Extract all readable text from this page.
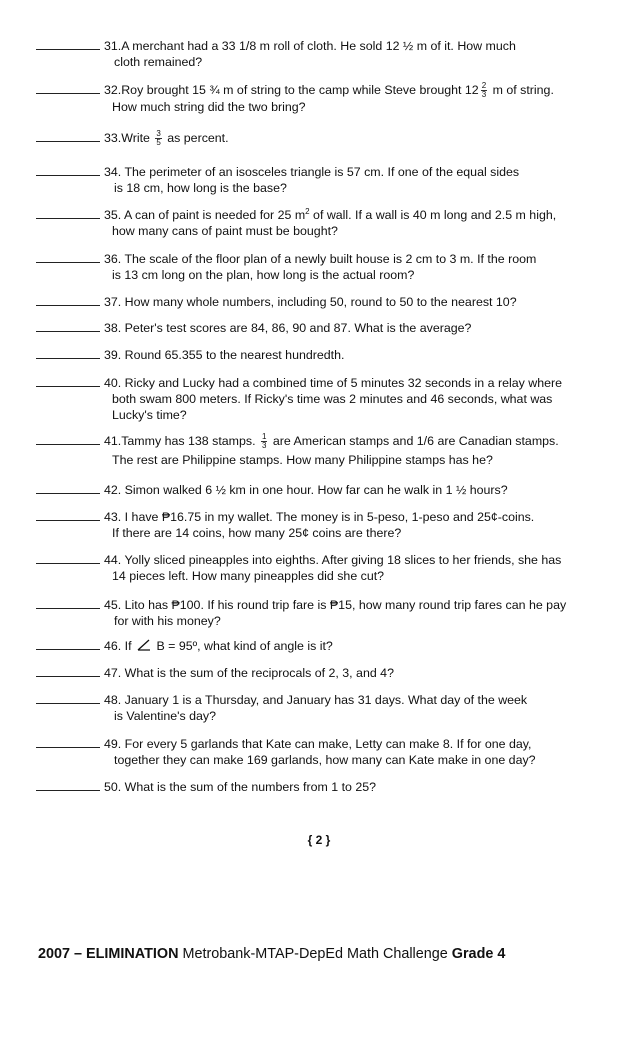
31.A merchant had a 33 1/8 m roll of cloth. He sold 12 ½ m of it. How much
cloth remained?
32.Roy brought 15 ¾ m of string to the camp while Steve brought $12 \frac{2}{3}$ m of string.
How much string did the two bring?
33.Write $\frac{3}{5}$ as percent.
34. The perimeter of an isosceles triangle is 57 cm. If one of the equal sides
is 18 cm, how long is the base?
35. A can of paint is needed for 25 $m^2$ of wall. If a wall is 40 m long and 2.5 m high,
how many cans of paint must be bought?
36. The scale of the floor plan of a newly built house is 2 cm to 3 m. If the room
is 13 cm long on the plan, how long is the actual room?
37. How many whole numbers, including 50, round to 50 to the nearest 10?
38. Peter's test scores are 84, 86, 90 and 87. What is the average?
39. Round 65.355 to the nearest hundredth.
40. Ricky and Lucky had a combined time of 5 minutes 32 seconds in a relay where
both swam 800 meters. If Ricky's time was 2 minutes and 46 seconds, what was
Lucky's time?
41.Tammy has 138 stamps. $\frac{1}{3}$ are American stamps and 1/6 are Canadian stamps.
The rest are Philippine stamps. How many Philippine stamps has he?
42. Simon walked 6 ½ km in one hour. How far can he walk in 1 ½ hours?
43. I have ₱16.75 in my wallet. The money is in 5-peso, 1-peso and 25¢-coins.
If there are 14 coins, how many 25¢ coins are there?
44. Yolly sliced pineapples into eighths. After giving 18 slices to her friends, she has
14 pieces left. How many pineapples did she cut?
45. Lito has ₱100. If his round trip fare is ₱15, how many round trip fares can he pay
for with his money?
46. If  B = 95º, what kind of angle is it?
47. What is the sum of the reciprocals of 2, 3, and 4?
48. January 1 is a Thursday, and January has 31 days. What day of the week
is Valentine's day?
49. For every 5 garlands that Kate can make, Letty can make 8. If for one day,
together they can make 169 garlands, how many can Kate make in one day?
50. What is the sum of the numbers from 1 to 25?
{ 2 }
2007 – ELIMINATION Metrobank-MTAP-DepEd Math Challenge Grade 4
